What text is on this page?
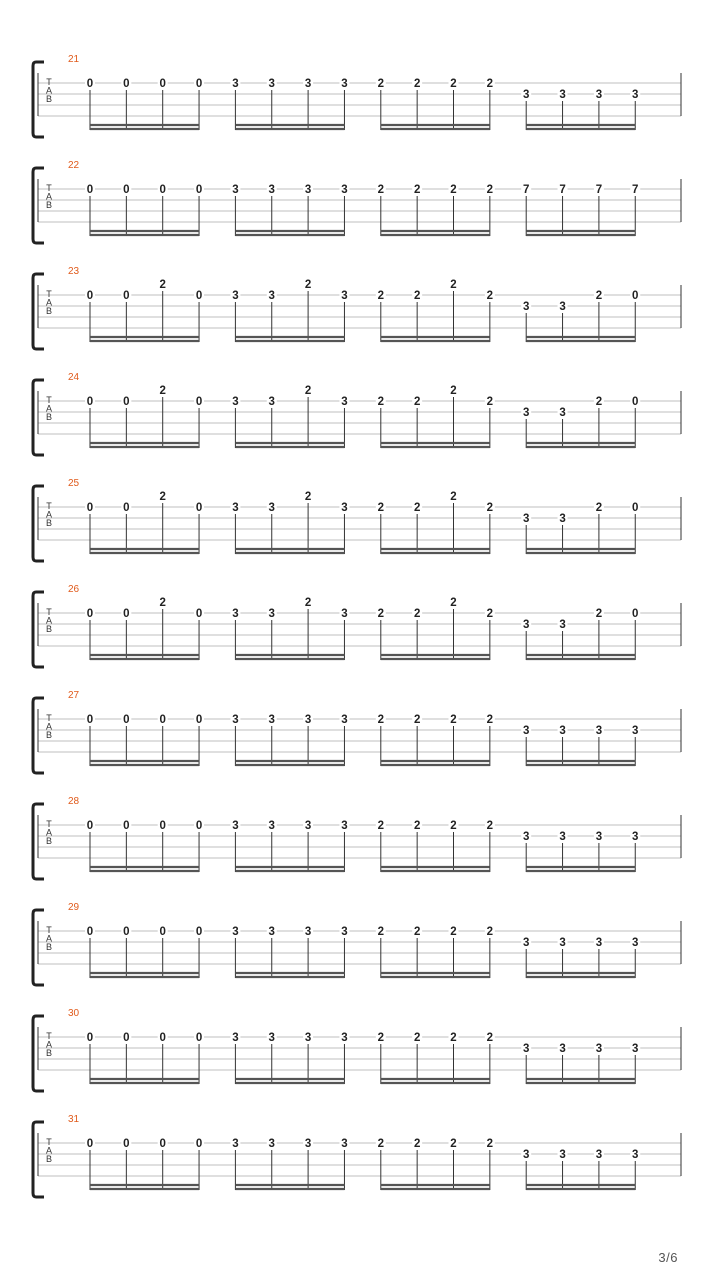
21
T
A
B
0	0	0	0	3	3	3	3	2	2	2	2
3	3	3	3
22
T
A
B
0	0	0	0	3	3	3	3	2	2	2	2	7	7	7	7
23
T
A
B
0	0
2
0	3	3
2
3	2	2
2
2
3	3
2	0
24
T
A
B
0	0
2
0	3	3
2
3	2	2
2
2
3	3
2	0
25
T
A
B
0	0
2
0	3	3
2
3	2	2
2
2
3	3
2	0
26
T
A
B
0	0
2
0	3	3
2
3	2	2
2
2
3	3
2	0
27
T
A
B
0	0	0	0	3	3	3	3	2	2	2	2
3	3	3	3
28
T
A
B
0	0	0	0	3	3	3	3	2	2	2	2
3	3	3	3
29
T
A
B
0	0	0	0	3	3	3	3	2	2	2	2
3	3	3	3
30
T
A
B
0	0	0	0	3	3	3	3	2	2	2	2
3	3	3	3
31
T
A
B
0	0	0	0	3	3	3	3	2	2	2	2
3	3	3	3
3/6
